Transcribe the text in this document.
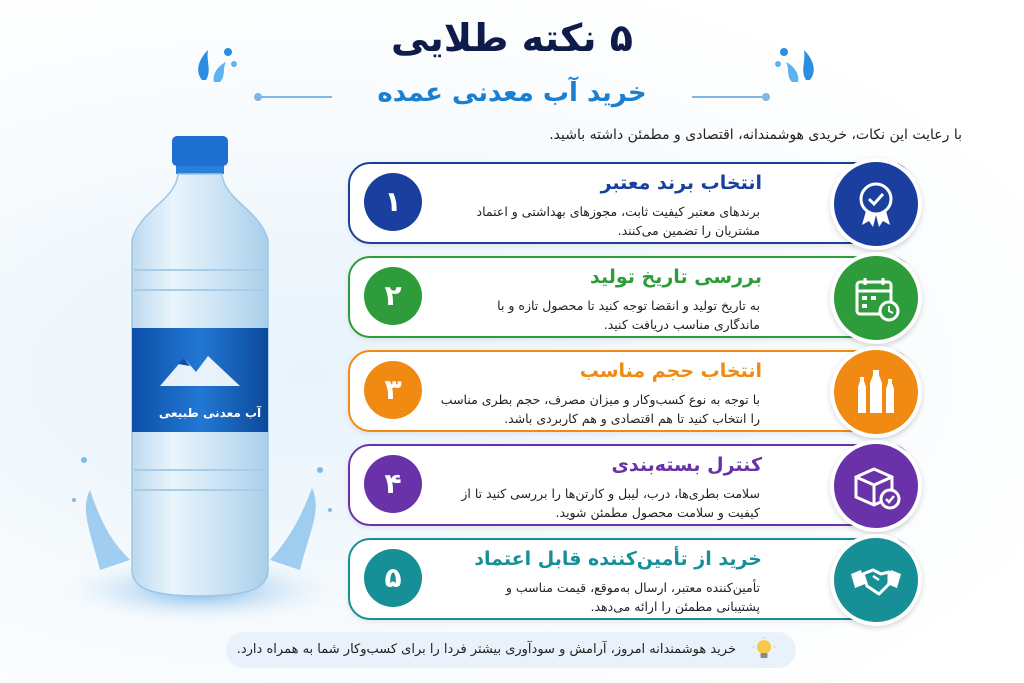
۵ نکته طلایی
خرید آب معدنی عمده
با رعایت این نکات، خریدی هوشمندانه، اقتصادی و مطمئن داشته باشید.
آب معدنی طبیعی
انتخاب برند معتبر
برندهای معتبر کیفیت ثابت، مجوزهای بهداشتی و اعتماد مشتریان را تضمین می‌کنند.
۱
بررسی تاریخ تولید
به تاریخ تولید و انقضا توجه کنید تا محصول تازه و با ماندگاری مناسب دریافت کنید.
۲
انتخاب حجم مناسب
با توجه به نوع کسب‌وکار و میزان مصرف، حجم بطری مناسب را انتخاب کنید تا هم اقتصادی و هم کاربردی باشد.
۳
کنترل بسته‌بندی
سلامت بطری‌ها، درب، لیبل و کارتن‌ها را بررسی کنید تا از کیفیت و سلامت محصول مطمئن شوید.
۴
خرید از تأمین‌کننده قابل اعتماد
تأمین‌کننده معتبر، ارسال به‌موقع، قیمت مناسب و پشتیبانی مطمئن را ارائه می‌دهد.
۵
خرید هوشمندانه امروز، آرامش و سودآوری بیشتر فردا را برای کسب‌وکار شما به همراه دارد.
